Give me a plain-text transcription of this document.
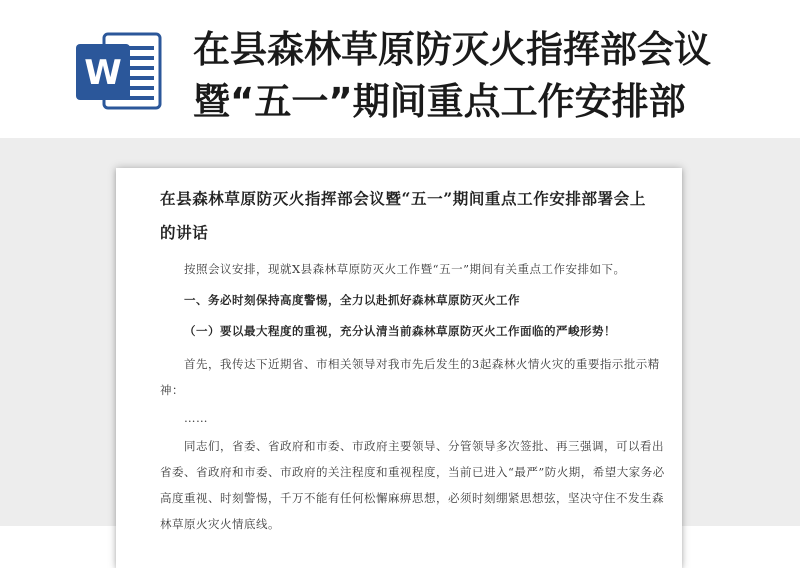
W
在县森林草原防灭火指挥部会议暨“五一”期间重点工作安排部
在县森林草原防灭火指挥部会议暨“五一”期间重点工作安排部署会上的讲话

按照会议安排，现就X县森林草原防灭火工作暨“五一”期间有关重点工作安排如下。

一、务必时刻保持高度警惕，全力以赴抓好森林草原防灭火工作

（一）要以最大程度的重视，充分认清当前森林草原防灭火工作面临的严峻形势！

首先，我传达下近期省、市相关领导对我市先后发生的3起森林火情火灾的重要指示批示精神：

……

同志们，省委、省政府和市委、市政府主要领导、分管领导多次签批、再三强调，可以看出省委、省政府和市委、市政府的关注程度和重视程度，当前已进入“最严”防火期，希望大家务必高度重视、时刻警惕，千万不能有任何松懈麻痹思想，必须时刻绷紧思想弦，坚决守住不发生森林草原火灾火情底线。
